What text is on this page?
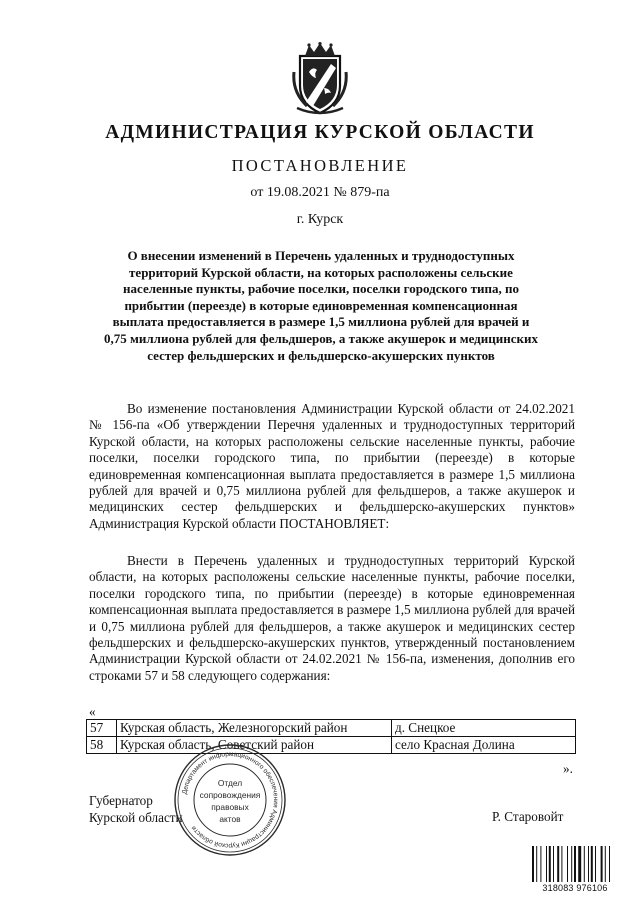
АДМИНИСТРАЦИЯ КУРСКОЙ ОБЛАСТИ
ПОСТАНОВЛЕНИЕ
от 19.08.2021 № 879-па
г. Курск
О внесении изменений в Перечень удаленных и труднодоступных
территорий Курской области, на которых расположены сельские
населенные пункты, рабочие поселки, поселки городского типа, по
прибытии (переезде) в которые единовременная компенсационная
выплата предоставляется в размере 1,5 миллиона рублей для врачей и
0,75 миллиона рублей для фельдшеров, а также акушерок и медицинских
сестер фельдшерских и фельдшерско-акушерских пунктов

Во изменение постановления Администрации Курской области от 24.02.2021 № 156-па «Об утверждении Перечня удаленных и труднодоступных территорий Курской области, на которых расположены сельские населенные пункты, рабочие поселки, поселки городского типа, по прибытии (переезде) в которые единовременная компенсационная выплата предоставляется в размере 1,5 миллиона рублей для врачей и 0,75 миллиона рублей для фельдшеров, а также акушерок и медицинских сестер фельдшерских и фельдшерско-акушерских пунктов» Администрация Курской области ПОСТАНОВЛЯЕТ:

Внести в Перечень удаленных и труднодоступных территорий Курской области, на которых расположены сельские населенные пункты, рабочие поселки, поселки городского типа, по прибытии (переезде) в которые единовременная компенсационная выплата предоставляется в размере 1,5 миллиона рублей для врачей и 0,75 миллиона рублей для фельдшеров, а также акушерок и медицинских сестер фельдшерских и фельдшерско-акушерских пунктов, утвержденный постановлением Администрации Курской области от 24.02.2021 № 156-па, изменения, дополнив его строками 57 и 58 следующего содержания:

«
57	Курская область, Железногорский район	д. Снецкое
58	Курская область, Советский район	село Красная Долина
».
Губернатор
Курской области	Р. Старовойт
Департамент информационного обеспечения Администрации Курской области
Отдел
сопровождения
правовых
актов
318083 976106
